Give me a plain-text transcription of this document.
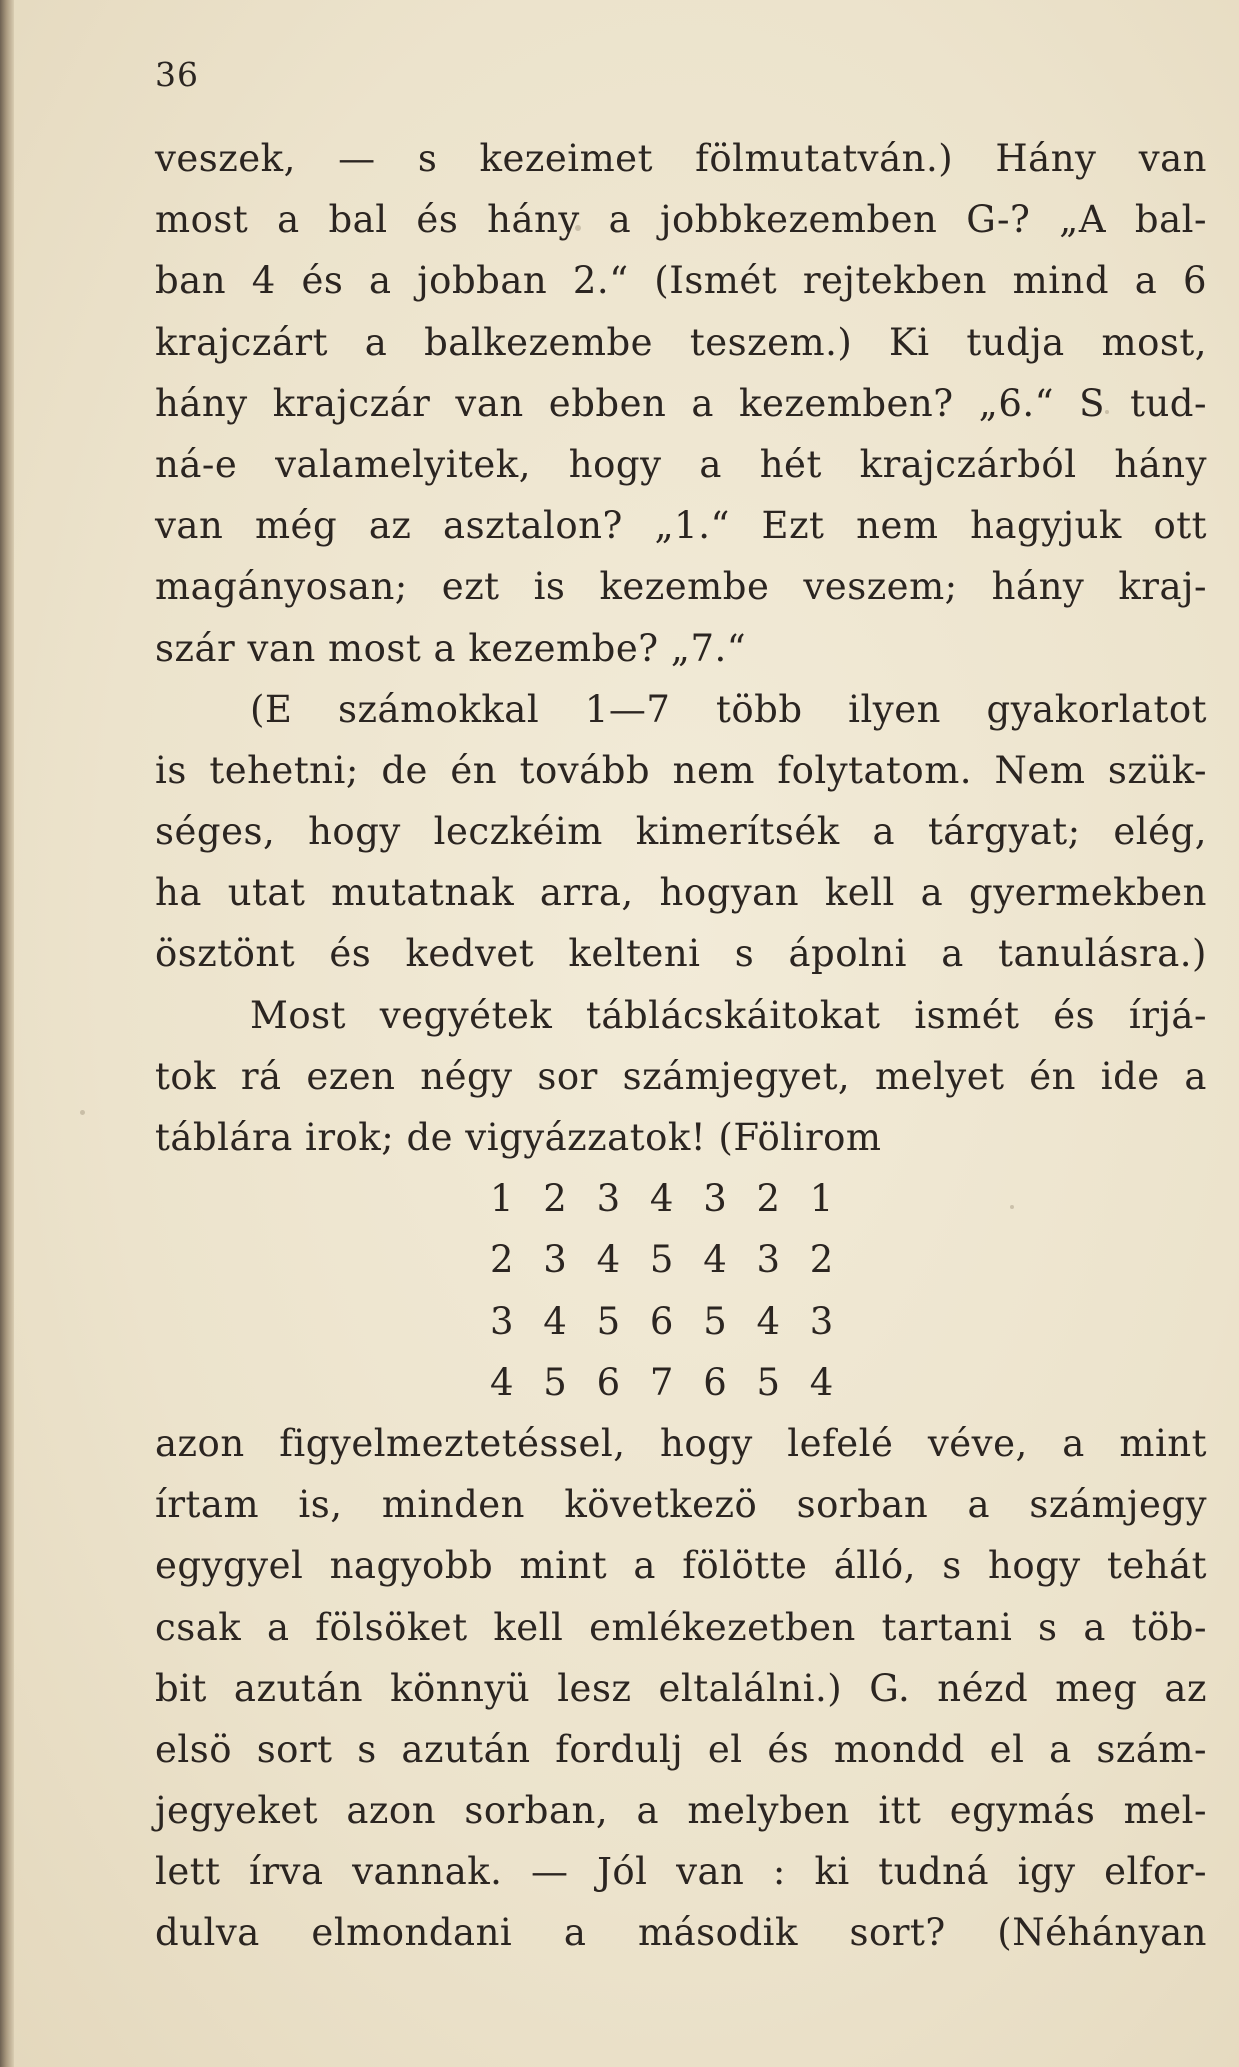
36
veszek, — s kezeimet fölmutatván.) Hány van
most a bal és hány a jobbkezemben G-? „A bal-
ban 4 és a jobban 2.“ (Ismét rejtekben mind a 6
krajczárt a balkezembe teszem.) Ki tudja most,
hány krajczár van ebben a kezemben? „6.“ S tud-
ná-e valamelyitek, hogy a hét krajczárból hány
van még az asztalon? „1.“ Ezt nem hagyjuk ott
magányosan; ezt is kezembe veszem; hány kraj-
szár van most a kezembe? „7.“
(E számokkal 1—7 több ilyen gyakorlatot
is tehetni; de én tovább nem folytatom. Nem szük-
séges, hogy leczkéim kimerítsék a tárgyat; elég,
ha utat mutatnak arra, hogyan kell a gyermekben
ösztönt és kedvet kelteni s ápolni a tanulásra.)
Most vegyétek táblácskáitokat ismét és írjá-
tok rá ezen négy sor számjegyet, melyet én ide a
táblára irok; de vigyázzatok! (Fölirom
1 2 3 4 3 2 1
2 3 4 5 4 3 2
3 4 5 6 5 4 3
4 5 6 7 6 5 4
azon figyelmeztetéssel, hogy lefelé véve, a mint
írtam is, minden következö sorban a számjegy
egygyel nagyobb mint a fölötte álló, s hogy tehát
csak a fölsöket kell emlékezetben tartani s a töb-
bit azután könnyü lesz eltalálni.) G. nézd meg az
elsö sort s azután fordulj el és mondd el a szám-
jegyeket azon sorban, a melyben itt egymás mel-
lett írva vannak. — Jól van : ki tudná igy elfor-
dulva elmondani a második sort? (Néhányan
